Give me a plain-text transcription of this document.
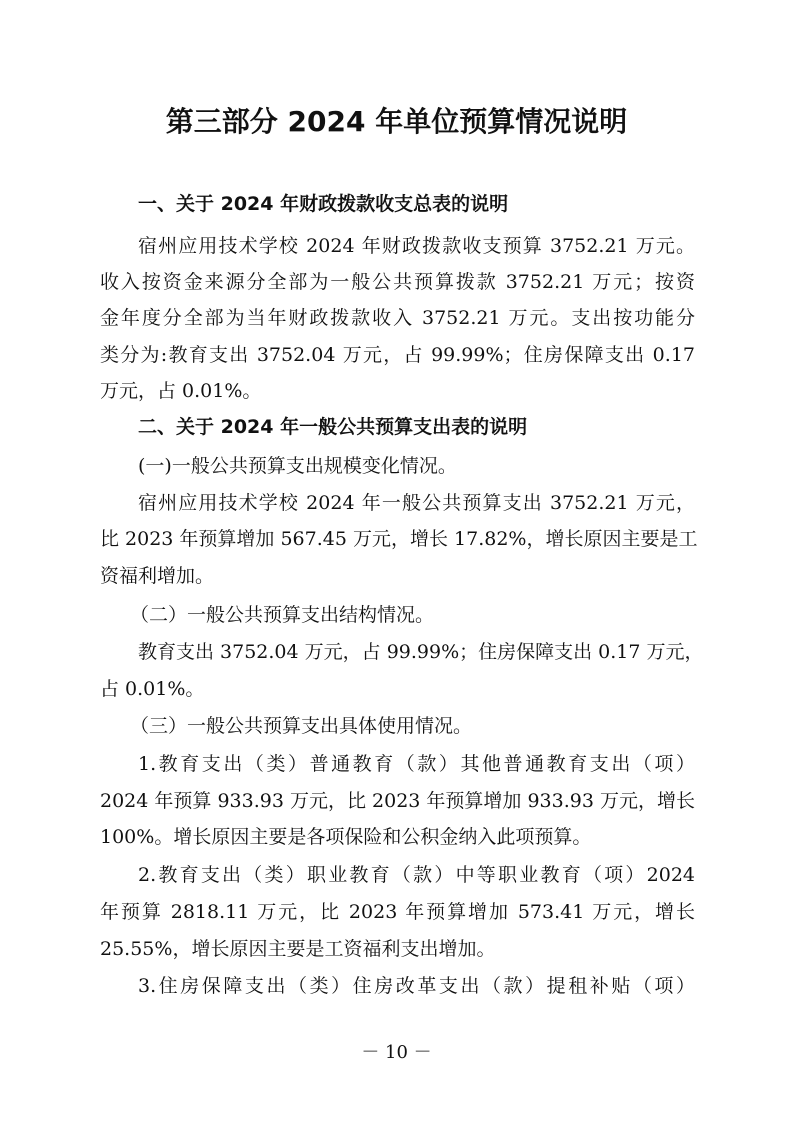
第三部分 2024 年单位预算情况说明
一、关于 2024 年财政拨款收支总表的说明
宿州应用技术学校 2024 年财政拨款收支预算 3752.21 万元。
收入按资金来源分全部为一般公共预算拨款 3752.21 万元；按资
金年度分全部为当年财政拨款收入 3752.21 万元。支出按功能分
类分为:教育支出 3752.04 万元，占 99.99%；住房保障支出 0.17
万元，占 0.01%。
二、关于 2024 年一般公共预算支出表的说明
(一)一般公共预算支出规模变化情况。
宿州应用技术学校 2024 年一般公共预算支出 3752.21 万元，
比 2023 年预算增加 567.45 万元，增长 17.82%，增长原因主要是工
资福利增加。
（二）一般公共预算支出结构情况。
教育支出 3752.04 万元，占 99.99%；住房保障支出 0.17 万元，
占 0.01%。
（三）一般公共预算支出具体使用情况。
1.教育支出（类）普通教育（款）其他普通教育支出（项）
2024 年预算 933.93 万元，比 2023 年预算增加 933.93 万元，增长
100%。增长原因主要是各项保险和公积金纳入此项预算。
2.教育支出（类）职业教育（款）中等职业教育（项）2024
年预算 2818.11 万元，比 2023 年预算增加 573.41 万元，增长
25.55%，增长原因主要是工资福利支出增加。
3.住房保障支出（类）住房改革支出（款）提租补贴（项）
－ 10 －
